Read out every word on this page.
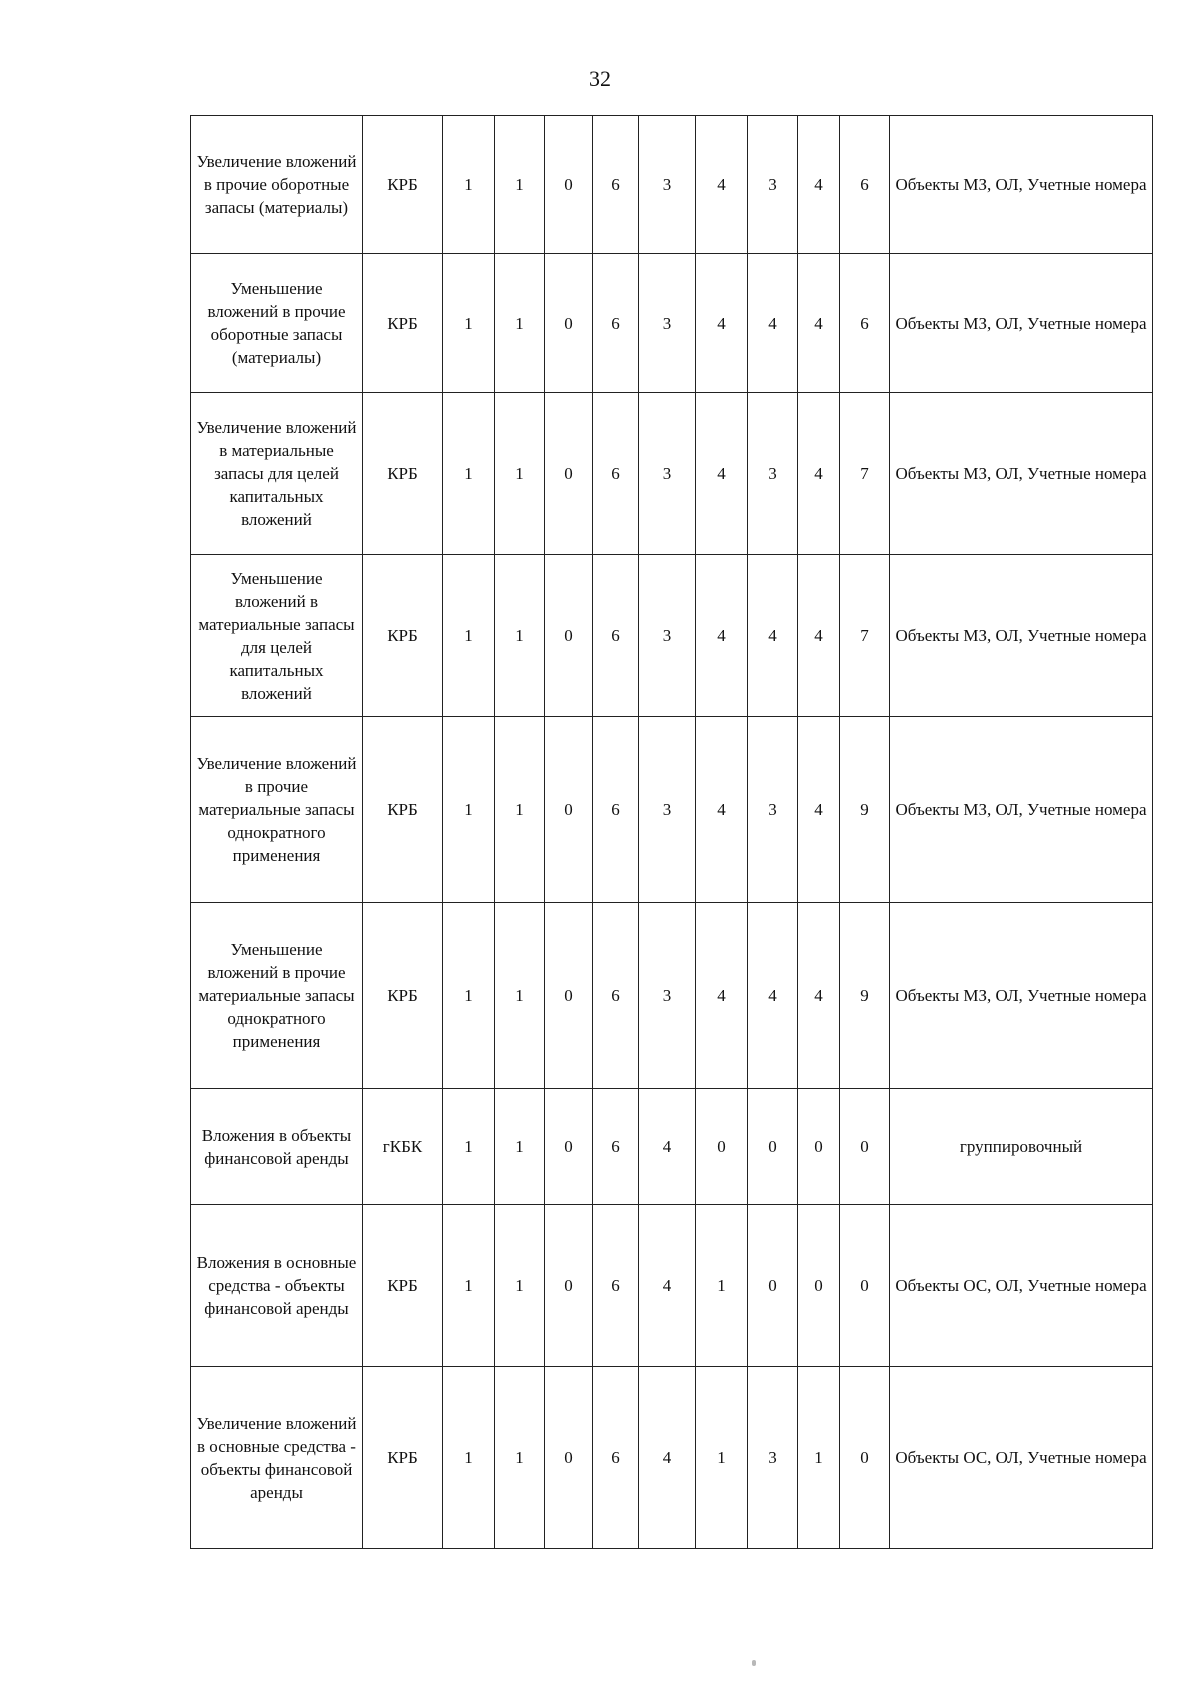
32
Увеличение вложений в прочие оборотные запасы (материалы)	КРБ	1	1	0	6	3	4	3	4	6	Объекты МЗ, ОЛ, Учетные номера
Уменьшение вложений в прочие оборотные запасы (материалы)	КРБ	1	1	0	6	3	4	4	4	6	Объекты МЗ, ОЛ, Учетные номера
Увеличение вложений в материальные запасы для целей капитальных вложений	КРБ	1	1	0	6	3	4	3	4	7	Объекты МЗ, ОЛ, Учетные номера
Уменьшение вложений в материальные запасы для целей капитальных вложений	КРБ	1	1	0	6	3	4	4	4	7	Объекты МЗ, ОЛ, Учетные номера
Увеличение вложений в прочие материальные запасы однократного применения	КРБ	1	1	0	6	3	4	3	4	9	Объекты МЗ, ОЛ, Учетные номера
Уменьшение вложений в прочие материальные запасы однократного применения	КРБ	1	1	0	6	3	4	4	4	9	Объекты МЗ, ОЛ, Учетные номера
Вложения в объекты финансовой аренды	гКБК	1	1	0	6	4	0	0	0	0	группировочный
Вложения в основные средства - объекты финансовой аренды	КРБ	1	1	0	6	4	1	0	0	0	Объекты ОС, ОЛ, Учетные номера
Увеличение вложений в основные средства - объекты финансовой аренды	КРБ	1	1	0	6	4	1	3	1	0	Объекты ОС, ОЛ, Учетные номера
